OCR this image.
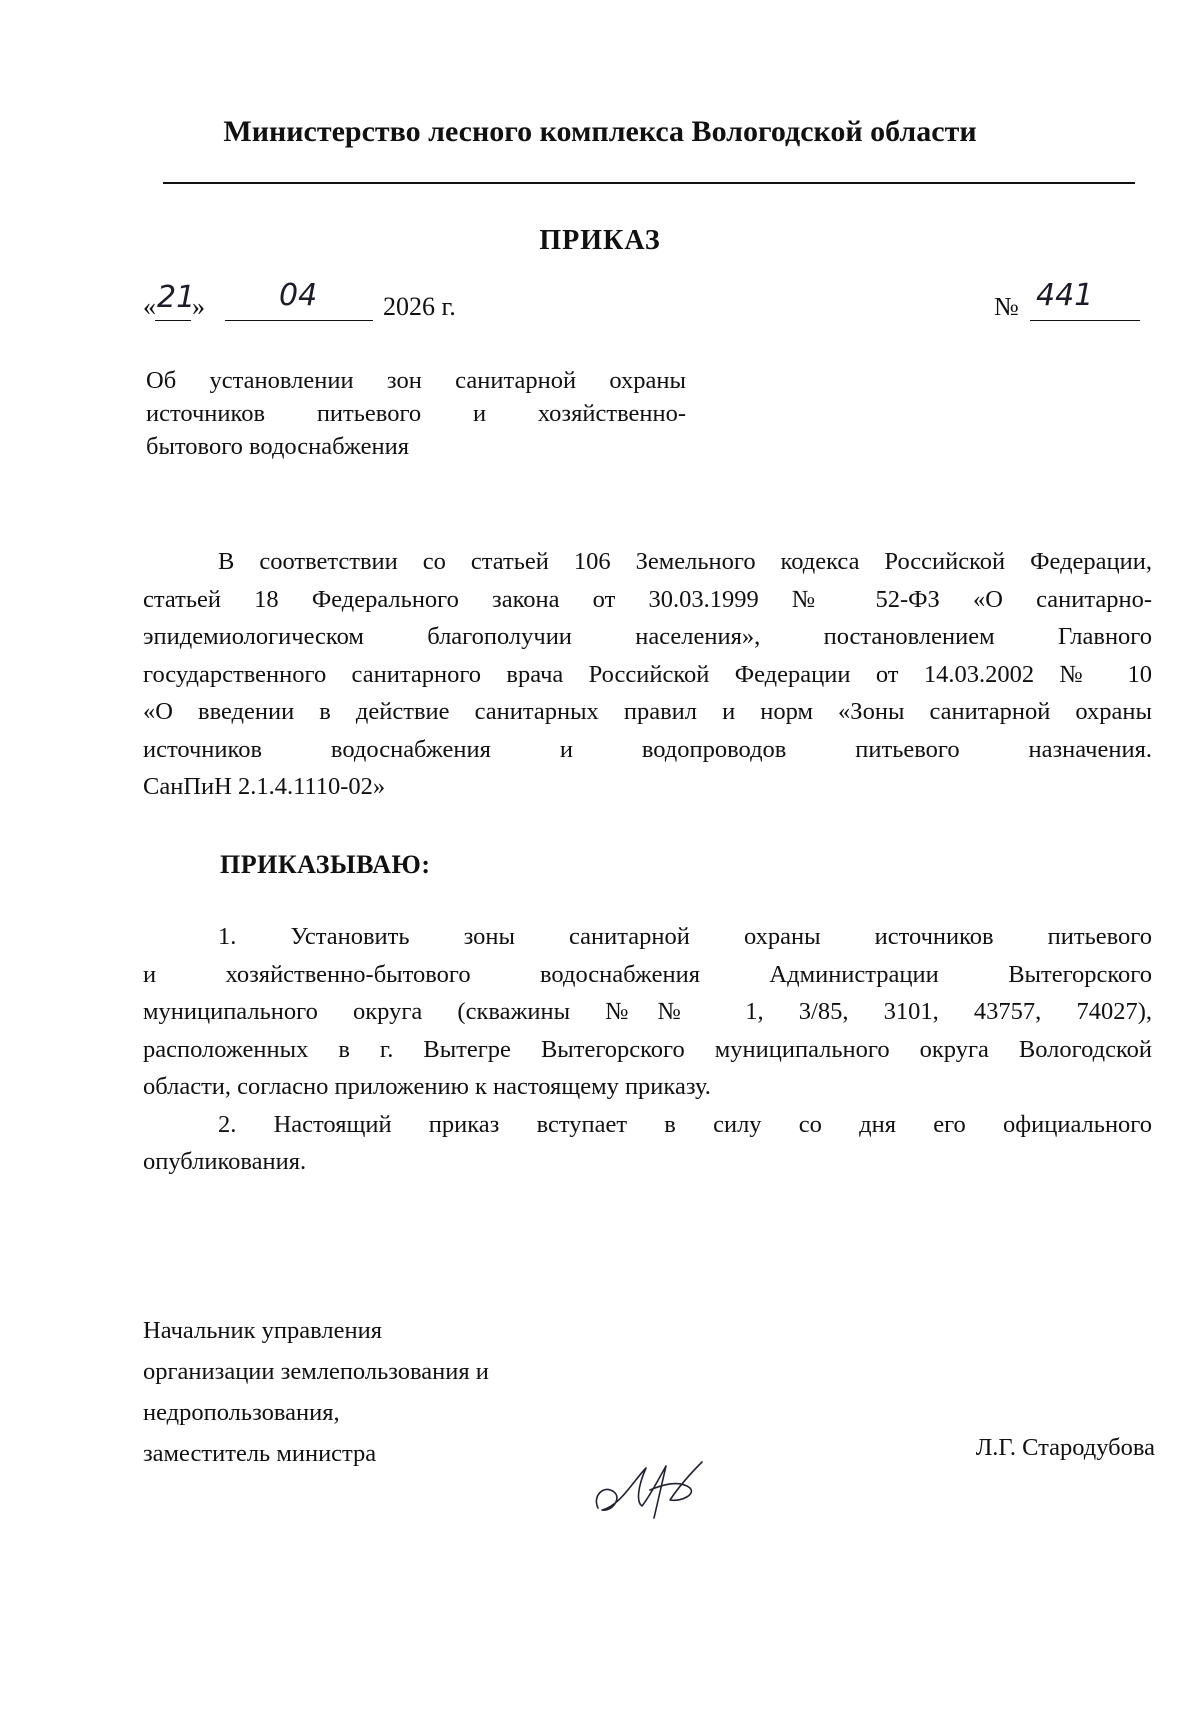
Министерство лесного комплекса Вологодской области
ПРИКАЗ
« 21
» 04	2026 г.	№ 441

Об установлении зон санитарной охраны

источников питьевого и хозяйственно-

бытового водоснабжения

В соответствии со статьей 106 Земельного кодекса Российской Федерации,

статьей 18 Федерального закона от 30.03.1999 № 52-ФЗ «О санитарно-

эпидемиологическом благополучии населения», постановлением Главного

государственного санитарного врача Российской Федерации от 14.03.2002 № 10

«О введении в действие санитарных правил и норм «Зоны санитарной охраны

источников водоснабжения и водопроводов питьевого назначения.

СанПиН 2.1.4.1110-02»

ПРИКАЗЫВАЮ:

1. Установить зоны санитарной охраны источников питьевого

и хозяйственно-бытового водоснабжения Администрации Вытегорского

муниципального округа (скважины №№ 1, 3/85, 3101, 43757, 74027),

расположенных в г. Вытегре Вытегорского муниципального округа Вологодской

области, согласно приложению к настоящему приказу.

2. Настоящий приказ вступает в силу со дня его официального

опубликования.

Начальник управления
организации землепользования и
недропользования,
заместитель министра	Л.Г. Стародубова
